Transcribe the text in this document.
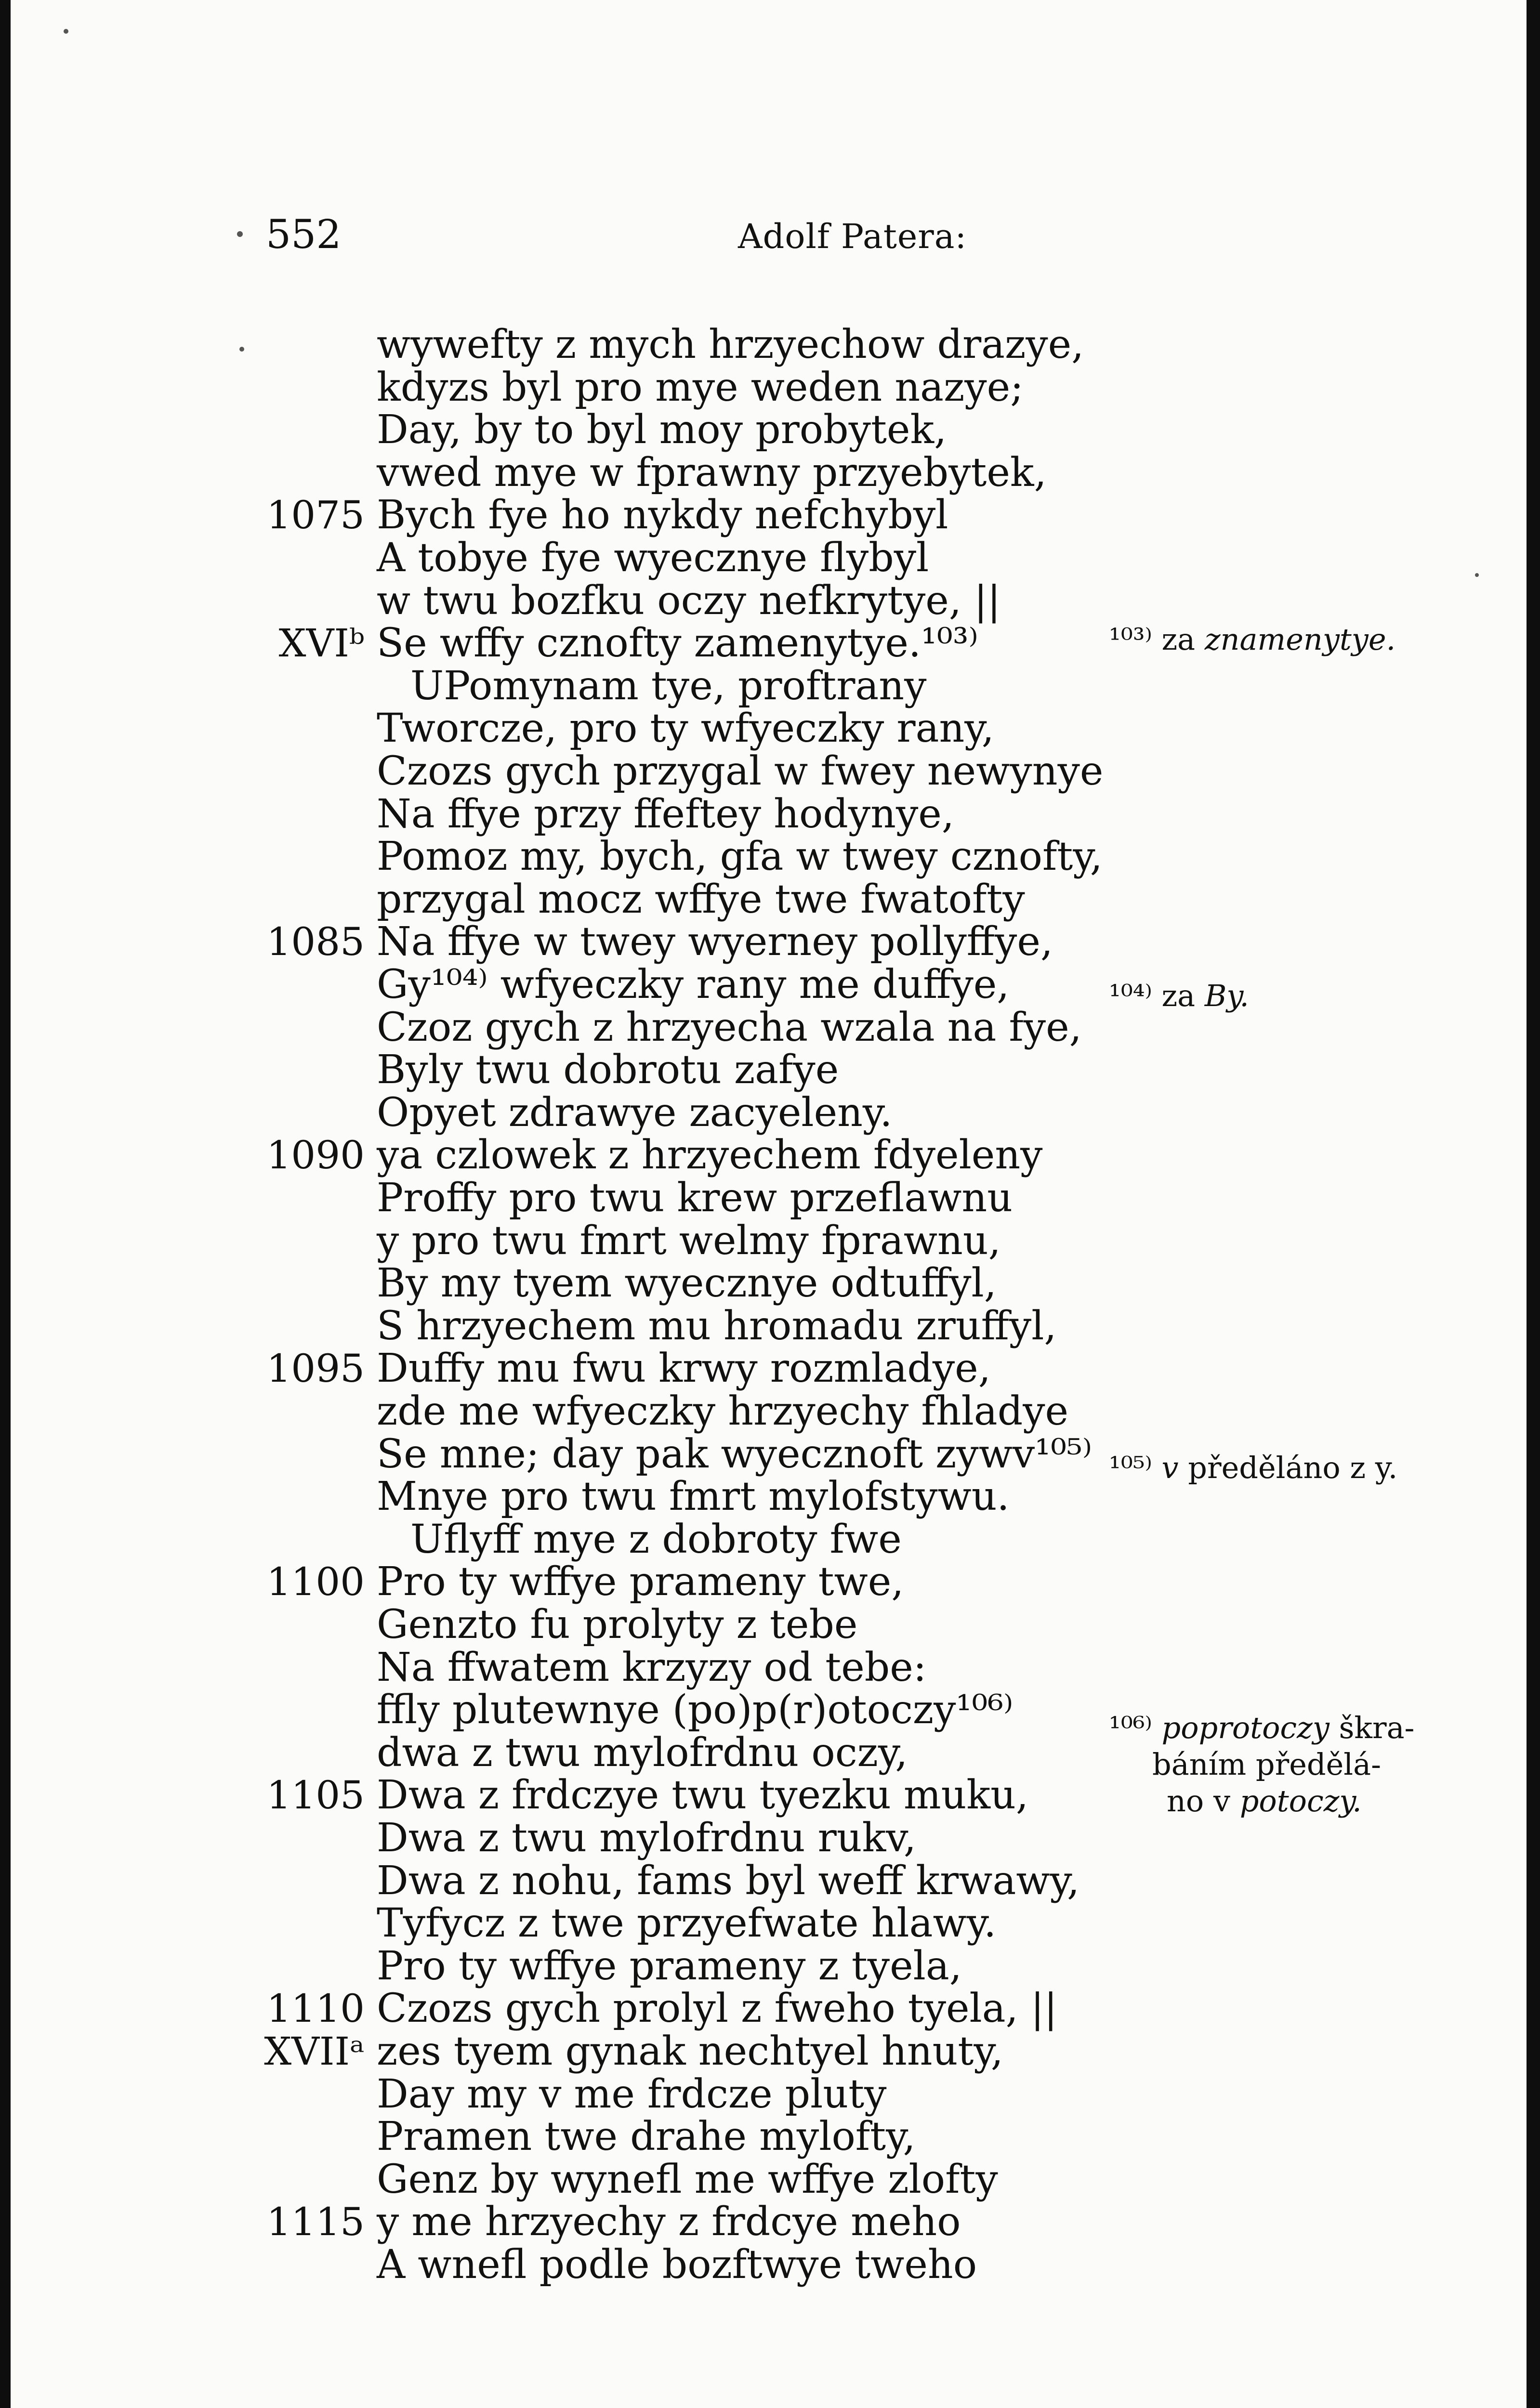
552	Adolf Patera:
wywefty z mych hrzyechow drazye,
kdyzs byl pro mye weden nazye;
Day, by to byl moy probytek,
vwed mye w fprawny przyebytek,
1075 Bych fye ho nykdy nefchybyl
A tobye fye wyecznye flybyl
w twu bozfku oczy nefkrytye, ||
XVIᵇ Se wffy cznofty zamenytye.¹⁰³⁾
UPomynam tye, proftrany
Tworcze, pro ty wfyeczky rany,
Czozs gych przygal w fwey newynye
Na ffye przy ffeftey hodynye,
Pomoz my, bych, gfa w twey cznofty,
przygal mocz wffye twe fwatofty
1085 Na ffye w twey wyerney pollyffye,
Gy¹⁰⁴⁾ wfyeczky rany me duffye,
Czoz gych z hrzyecha wzala na fye,
Byly twu dobrotu zafye
Opyet zdrawye zacyeleny.
1090 ya czlowek z hrzyechem fdyeleny
Proffy pro twu krew przeflawnu
y pro twu fmrt welmy fprawnu,
By my tyem wyecznye odtuffyl,
S hrzyechem mu hromadu zruffyl,
1095 Duffy mu fwu krwy rozmladye,
zde me wfyeczky hrzyechy fhladye
Se mne; day pak wyecznoft zywv¹⁰⁵⁾
Mnye pro twu fmrt mylofstywu.
Uflyff mye z dobroty fwe
1100 Pro ty wffye prameny twe,
Genzto fu prolyty z tebe
Na ffwatem krzyzy od tebe:
ffly plutewnye (po)p(r)otoczy¹⁰⁶⁾
dwa z twu mylofrdnu oczy,
1105 Dwa z frdczye twu tyezku muku,
Dwa z twu mylofrdnu rukv,
Dwa z nohu, fams byl weff krwawy,
Tyfycz z twe przyefwate hlawy.
Pro ty wffye prameny z tyela,
1110 Czozs gych prolyl z fweho tyela, ||
XVIIᵃ zes tyem gynak nechtyel hnuty,
Day my v me frdcze pluty
Pramen twe drahe mylofty,
Genz by wynefl me wffye zlofty
1115 y me hrzyechy z frdcye meho
A wnefl podle bozftwye tweho
¹⁰³⁾ za znamenytye.
¹⁰⁴⁾ za By.
¹⁰⁵⁾ v předěláno z y.
¹⁰⁶⁾ poprotoczy škra-
báním předělá-
no v potoczy.
